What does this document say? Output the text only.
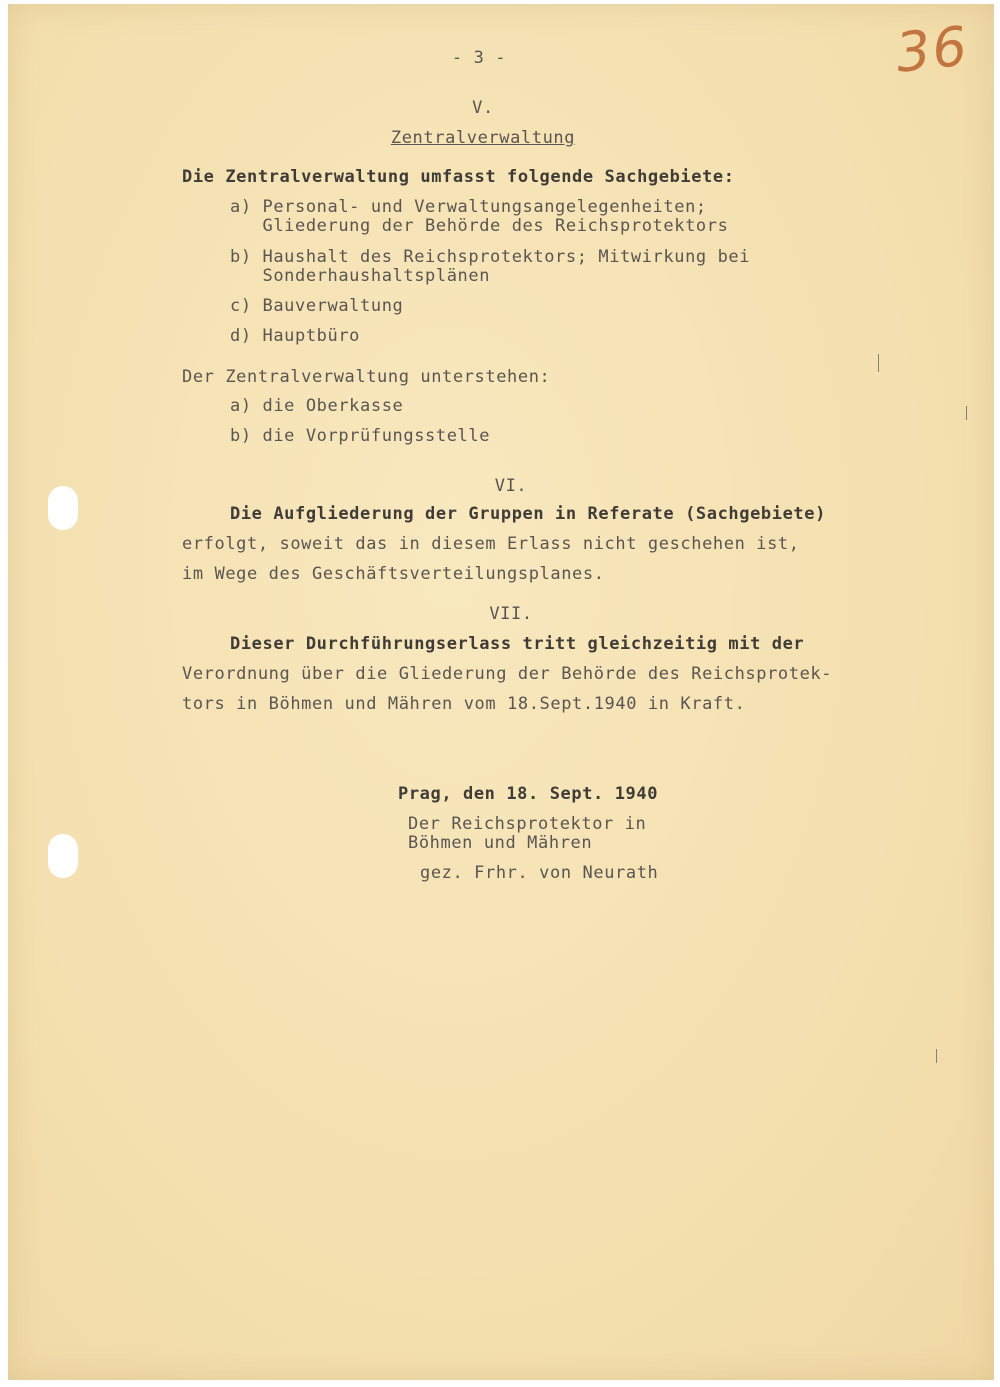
36
- 3 -
V.
Zentralverwaltung
Die Zentralverwaltung umfasst folgende Sachgebiete:
a) Personal- und Verwaltungsangelegenheiten;
Gliederung der Behörde des Reichsprotektors
b) Haushalt des Reichsprotektors; Mitwirkung bei
Sonderhaushaltsplänen
c) Bauverwaltung
d) Hauptbüro
Der Zentralverwaltung unterstehen:
a) die Oberkasse
b) die Vorprüfungsstelle
VI.
Die Aufgliederung der Gruppen in Referate (Sachgebiete)
erfolgt, soweit das in diesem Erlass nicht geschehen ist,
im Wege des Geschäftsverteilungsplanes.
VII.
Dieser Durchführungserlass tritt gleichzeitig mit der
Verordnung über die Gliederung der Behörde des Reichsprotek-
tors in Böhmen und Mähren vom 18.Sept.1940 in Kraft.
Prag, den 18. Sept. 1940
Der Reichsprotektor in
Böhmen und Mähren
gez. Frhr. von Neurath
